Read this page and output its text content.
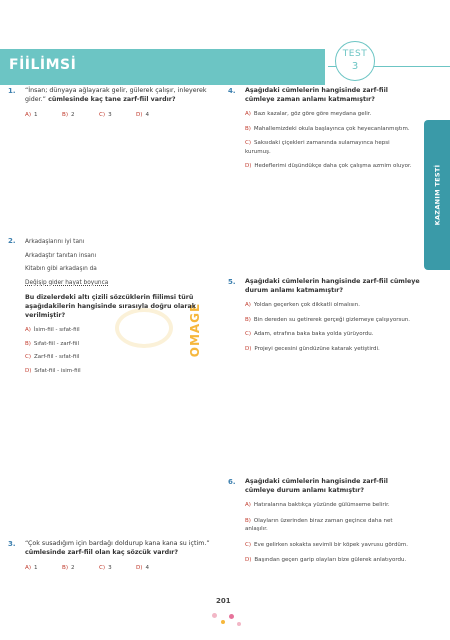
FİİLİMSİ
TEST
3
KAZANIM TESTİ
OMAGE
1. “İnsan; dünyaya ağlayarak gelir, gülerek çalışır, inleyerek gider.” cümlesinde kaç tane zarf-fiil vardır?
A) 1	B) 2	C) 3	D) 4
2. Arkadaşlarını iyi tanı
Arkadaştır tanıtan insanı
Kitabın gibi arkadaşın da
Değişip gider hayat boyunca
Bu dizelerdeki altı çizili sözcüklerin fiilimsi türü aşağıdakilerin hangisinde sırasıyla doğru olarak verilmiştir?
A) İsim-fiil - sıfat-fiil
B) Sıfat-fiil - zarf-fiil
C) Zarf-fiil - sıfat-fiil
D) Sıfat-fiil - isim-fiil
3. “Çok susadığım için bardağı doldurup kana kana su içtim.” cümlesinde zarf-fiil olan kaç sözcük vardır?
A) 1	B) 2	C) 3	D) 4
4. Aşağıdaki cümlelerin hangisinde zarf-fiil cümleye zaman anlamı katmamıştır?
A) Bazı kazalar, göz göre göre meydana gelir.
B) Mahallemizdeki okula başlayınca çok heyecanlanmıştım.
C) Saksıdaki çiçekleri zamanında sulamayınca hepsi kurumuş.
D) Hedeflerimi düşündükçe daha çok çalışma azmim oluyor.
5. Aşağıdaki cümlelerin hangisinde zarf-fiil cümleye durum anlamı katmamıştır?
A) Yoldan geçerken çok dikkatli olmalısın.
B) Bin dereden su getirerek gerçeği gizlemeye çalışıyorsun.
C) Adam, etrafına baka baka yolda yürüyordu.
D) Projeyi gecesini gündüzüne katarak yetiştirdi.
6. Aşağıdaki cümlelerin hangisinde zarf-fiil cümleye durum anlamı katmıştır?
A) Hatıralarına baktıkça yüzünde gülümseme belirir.
B) Olayların üzerinden biraz zaman geçince daha net anlaşılır.
C) Eve gelirken sokakta sevimli bir köpek yavrusu gördüm.
D) Başından geçen garip olayları bize gülerek anlatıyordu.
201
